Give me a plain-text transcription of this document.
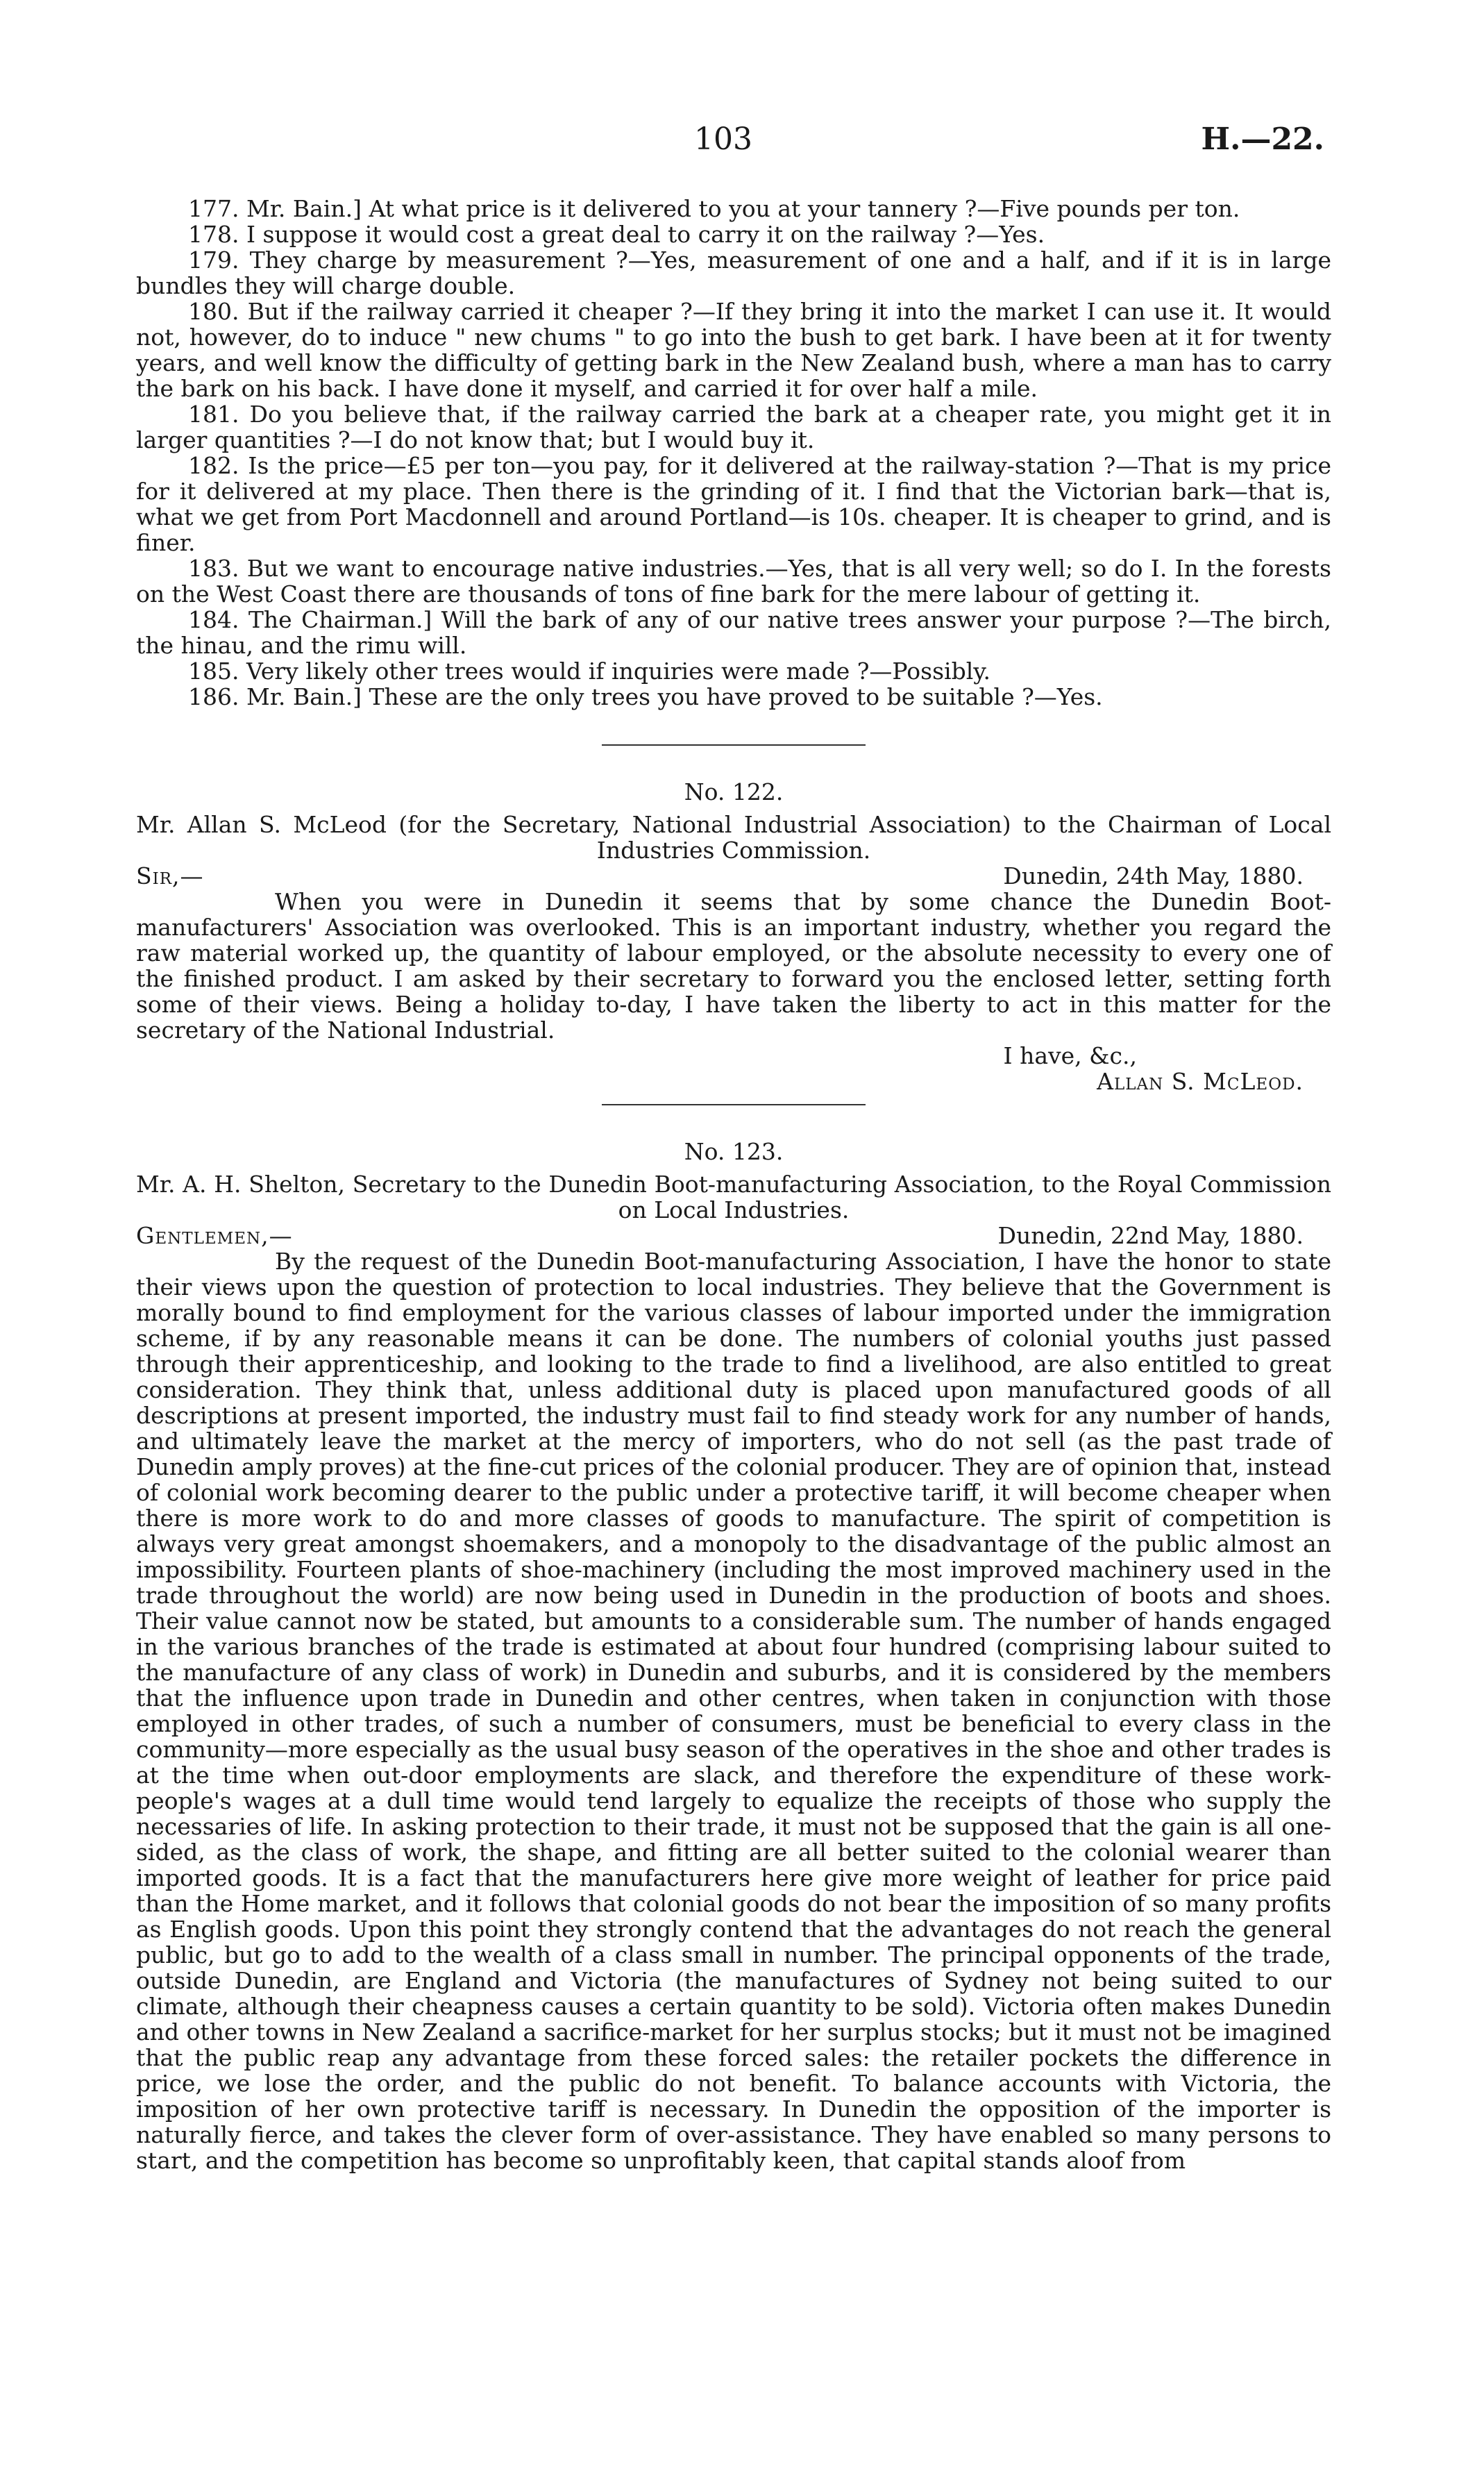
103	H.—22.

177. Mr. Bain.] At what price is it delivered to you at your tannery ?—Five pounds per ton.

178. I suppose it would cost a great deal to carry it on the railway ?—Yes.

179. They charge by measurement ?—Yes, measurement of one and a half, and if it is in large bundles they will charge double.

180. But if the railway carried it cheaper ?—If they bring it into the market I can use it. It would not, however, do to induce " new chums " to go into the bush to get bark. I have been at it for twenty years, and well know the difficulty of getting bark in the New Zealand bush, where a man has to carry the bark on his back. I have done it myself, and carried it for over half a mile.

181. Do you believe that, if the railway carried the bark at a cheaper rate, you might get it in larger quantities ?—I do not know that; but I would buy it.

182. Is the price—£5 per ton—you pay, for it delivered at the railway-station ?—That is my price for it delivered at my place. Then there is the grinding of it. I find that the Victorian bark—that is, what we get from Port Macdonnell and around Portland—is 10s. cheaper. It is cheaper to grind, and is finer.

183. But we want to encourage native industries.—Yes, that is all very well; so do I. In the forests on the West Coast there are thousands of tons of fine bark for the mere labour of getting it.

184. The Chairman.] Will the bark of any of our native trees answer your purpose ?—The birch, the hinau, and the rimu will.

185. Very likely other trees would if inquiries were made ?—Possibly.

186. Mr. Bain.] These are the only trees you have proved to be suitable ?—Yes.

No. 122.

Mr. Allan S. McLeod (for the Secretary, National Industrial Association) to the Chairman of Local Industries Commission.

Sir,—	Dunedin, 24th May, 1880.

When you were in Dunedin it seems that by some chance the Dunedin Boot-manufacturers' Association was overlooked. This is an important industry, whether you regard the raw material worked up, the quantity of labour employed, or the absolute necessity to every one of the finished product. I am asked by their secretary to forward you the enclosed letter, setting forth some of their views. Being a holiday to-day, I have taken the liberty to act in this matter for the secretary of the National Industrial.

I have, &c.,

Allan S. McLeod.

No. 123.

Mr. A. H. Shelton, Secretary to the Dunedin Boot-manufacturing Association, to the Royal Commission on Local Industries.

Gentlemen,—	Dunedin, 22nd May, 1880.

By the request of the Dunedin Boot-manufacturing Association, I have the honor to state their views upon the question of protection to local industries. They believe that the Government is morally bound to find employment for the various classes of labour imported under the immigration scheme, if by any reasonable means it can be done. The numbers of colonial youths just passed through their apprenticeship, and looking to the trade to find a livelihood, are also entitled to great consideration. They think that, unless additional duty is placed upon manufactured goods of all descriptions at present imported, the industry must fail to find steady work for any number of hands, and ultimately leave the market at the mercy of importers, who do not sell (as the past trade of Dunedin amply proves) at the fine-cut prices of the colonial producer. They are of opinion that, instead of colonial work becoming dearer to the public under a protective tariff, it will become cheaper when there is more work to do and more classes of goods to manufacture. The spirit of competition is always very great amongst shoemakers, and a monopoly to the disadvantage of the public almost an impossibility. Fourteen plants of shoe-machinery (including the most improved machinery used in the trade throughout the world) are now being used in Dunedin in the production of boots and shoes. Their value cannot now be stated, but amounts to a considerable sum. The number of hands engaged in the various branches of the trade is estimated at about four hundred (comprising labour suited to the manufacture of any class of work) in Dunedin and suburbs, and it is considered by the members that the influence upon trade in Dunedin and other centres, when taken in conjunction with those employed in other trades, of such a number of consumers, must be beneficial to every class in the community—more especially as the usual busy season of the operatives in the shoe and other trades is at the time when out-door employments are slack, and therefore the expenditure of these work-people's wages at a dull time would tend largely to equalize the receipts of those who supply the necessaries of life. In asking protection to their trade, it must not be supposed that the gain is all one-sided, as the class of work, the shape, and fitting are all better suited to the colonial wearer than imported goods. It is a fact that the manufacturers here give more weight of leather for price paid than the Home market, and it follows that colonial goods do not bear the imposition of so many profits as English goods. Upon this point they strongly contend that the advantages do not reach the general public, but go to add to the wealth of a class small in number. The principal opponents of the trade, outside Dunedin, are England and Victoria (the manufactures of Sydney not being suited to our climate, although their cheapness causes a certain quantity to be sold). Victoria often makes Dunedin and other towns in New Zealand a sacrifice-market for her surplus stocks; but it must not be imagined that the public reap any advantage from these forced sales: the retailer pockets the difference in price, we lose the order, and the public do not benefit. To balance accounts with Victoria, the imposition of her own protective tariff is necessary. In Dunedin the opposition of the importer is naturally fierce, and takes the clever form of over-assistance. They have enabled so many persons to start, and the competition has become so unprofitably keen, that capital stands aloof from
